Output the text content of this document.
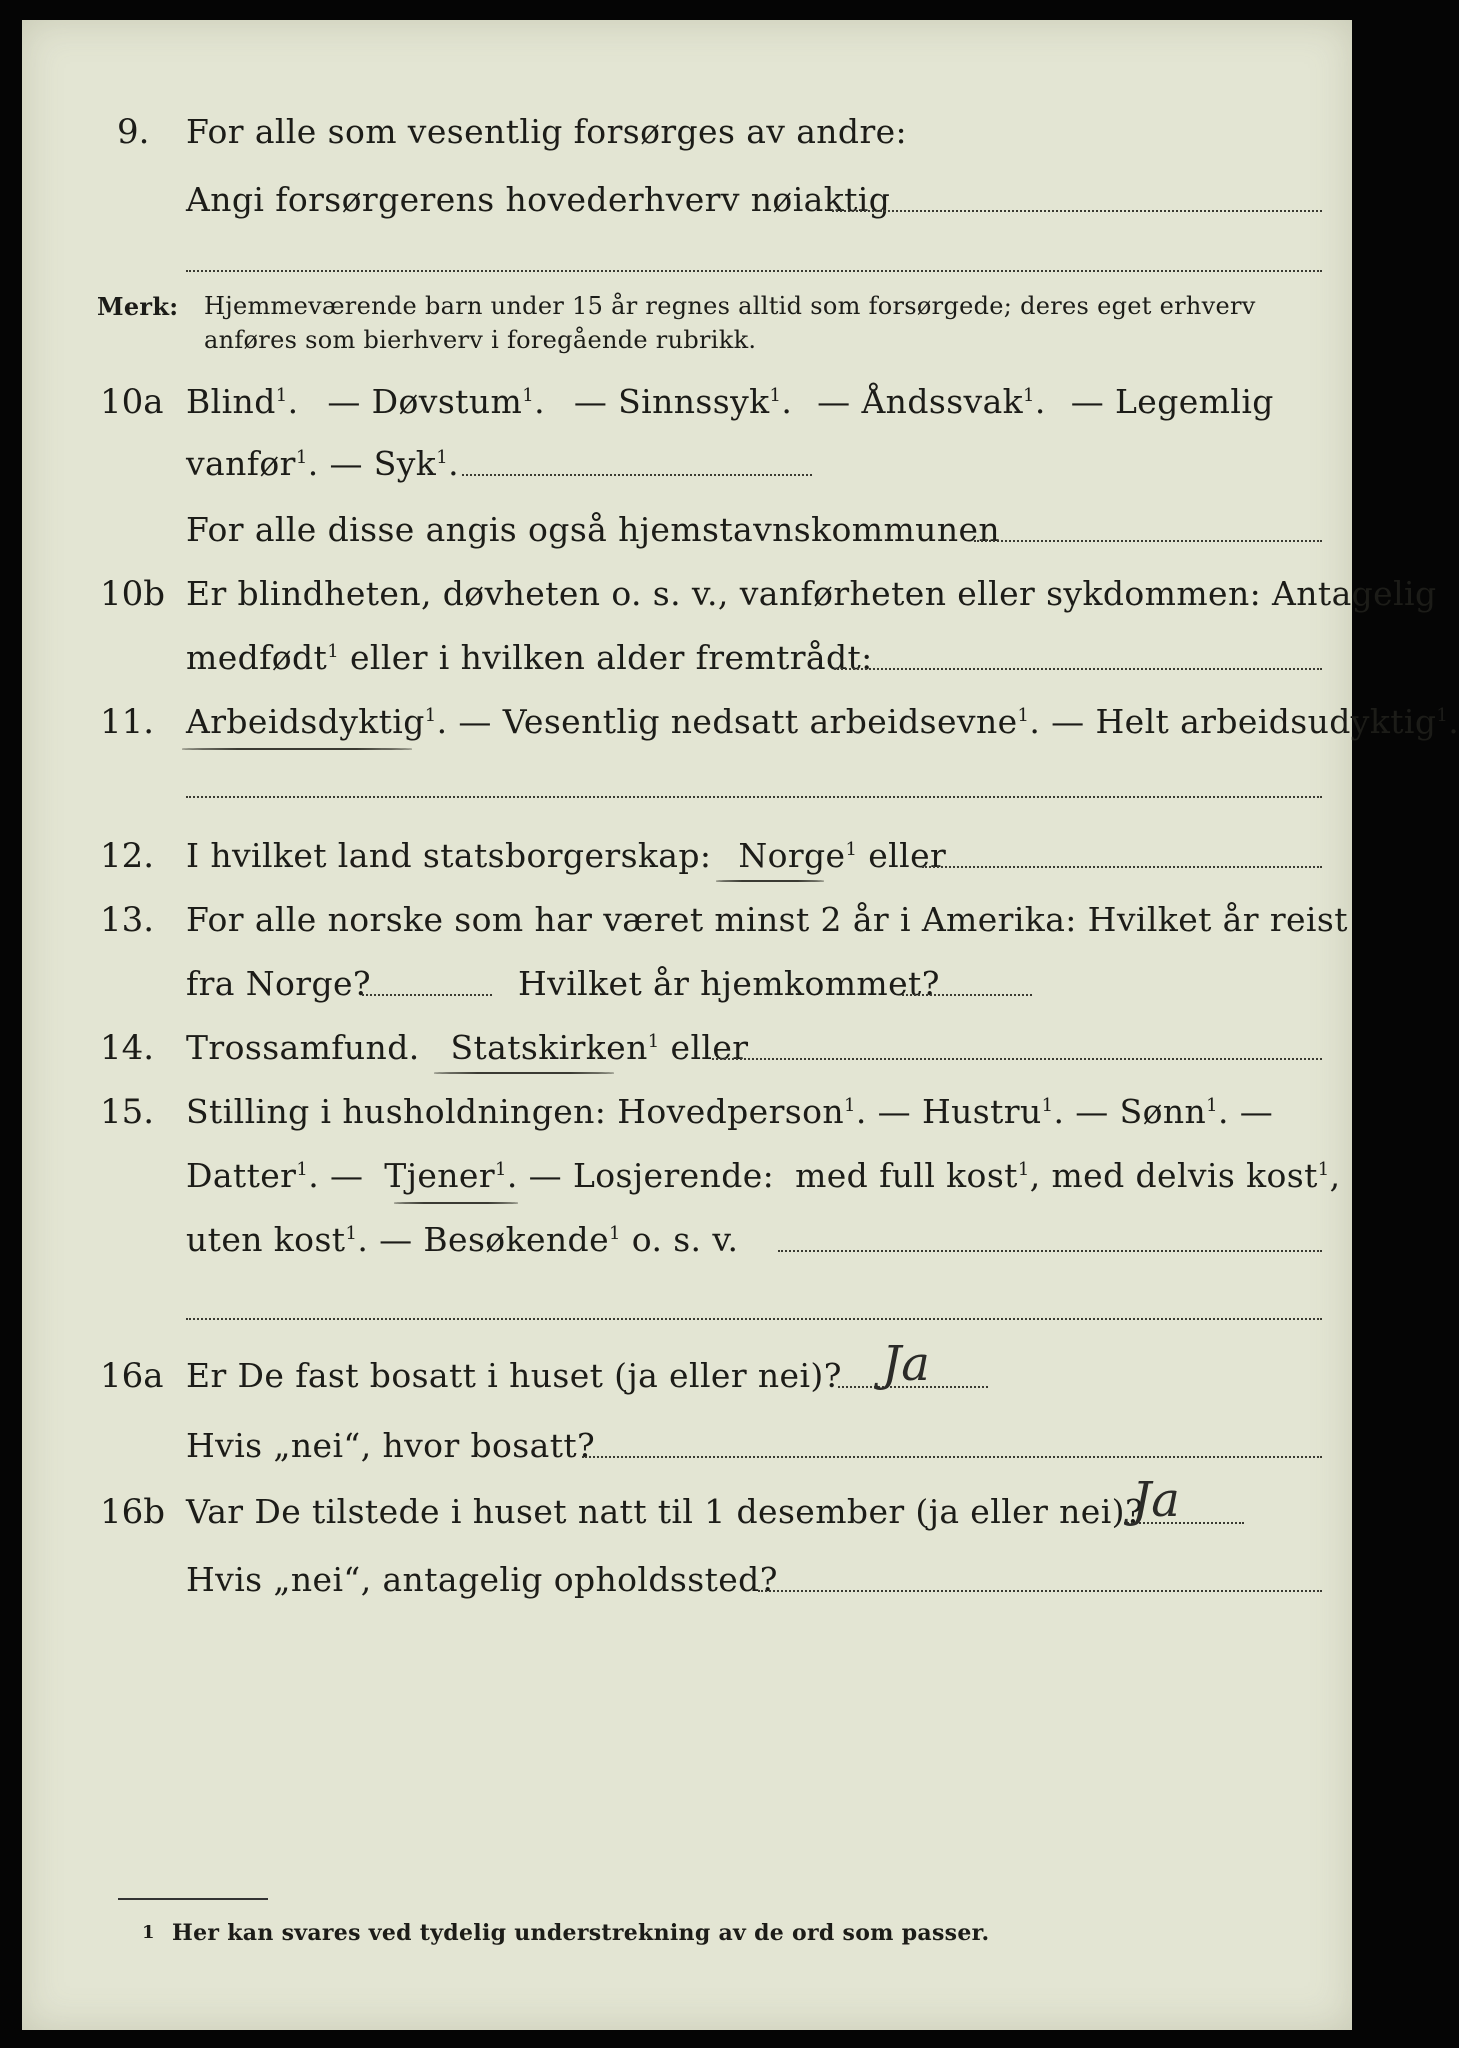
9. For alle som vesentlig forsørges av andre:
Angi forsørgerens hovederhverv nøiaktig
Merk: Hjemmeværende barn under 15 år regnes alltid som forsørgede; deres eget erhverv
anføres som bierhverv i foregående rubrikk.
10a Blind$^1$. — Døvstum$^1$. — Sinnssyk$^1$. — Åndssvak$^1$. — Legemlig
vanfør$^1$. — Syk$^1$.
For alle disse angis også hjemstavnskommunen
10b Er blindheten, døvheten o. s. v., vanførheten eller sykdommen: Antagelig
medfødt$^1$ eller i hvilken alder fremtrådt:
11. Arbeidsdyktig$^1$. — Vesentlig nedsatt arbeidsevne$^1$. — Helt arbeidsudyktig$^1$.
12. I hvilket land statsborgerskap: Norge$^1$ eller
13. For alle norske som har været minst 2 år i Amerika: Hvilket år reist
fra Norge?	Hvilket år hjemkommet?
14. Trossamfund. Statskirken$^1$ eller
15. Stilling i husholdningen: Hovedperson$^1$. — Hustru$^1$. — Sønn$^1$. —
Datter$^1$. — Tjener$^1$. — Losjerende: med full kost$^1$, med delvis kost$^1$,
uten kost$^1$. — Besøkende$^1$ o. s. v.
16a Er De fast bosatt i huset (ja eller nei)? Ja
Hvis „nei“, hvor bosatt?
16b Var De tilstede i huset natt til 1 desember (ja eller nei)?
Ja
Hvis „nei“, antagelig opholdssted?
1 Her kan svares ved tydelig understrekning av de ord som passer.
